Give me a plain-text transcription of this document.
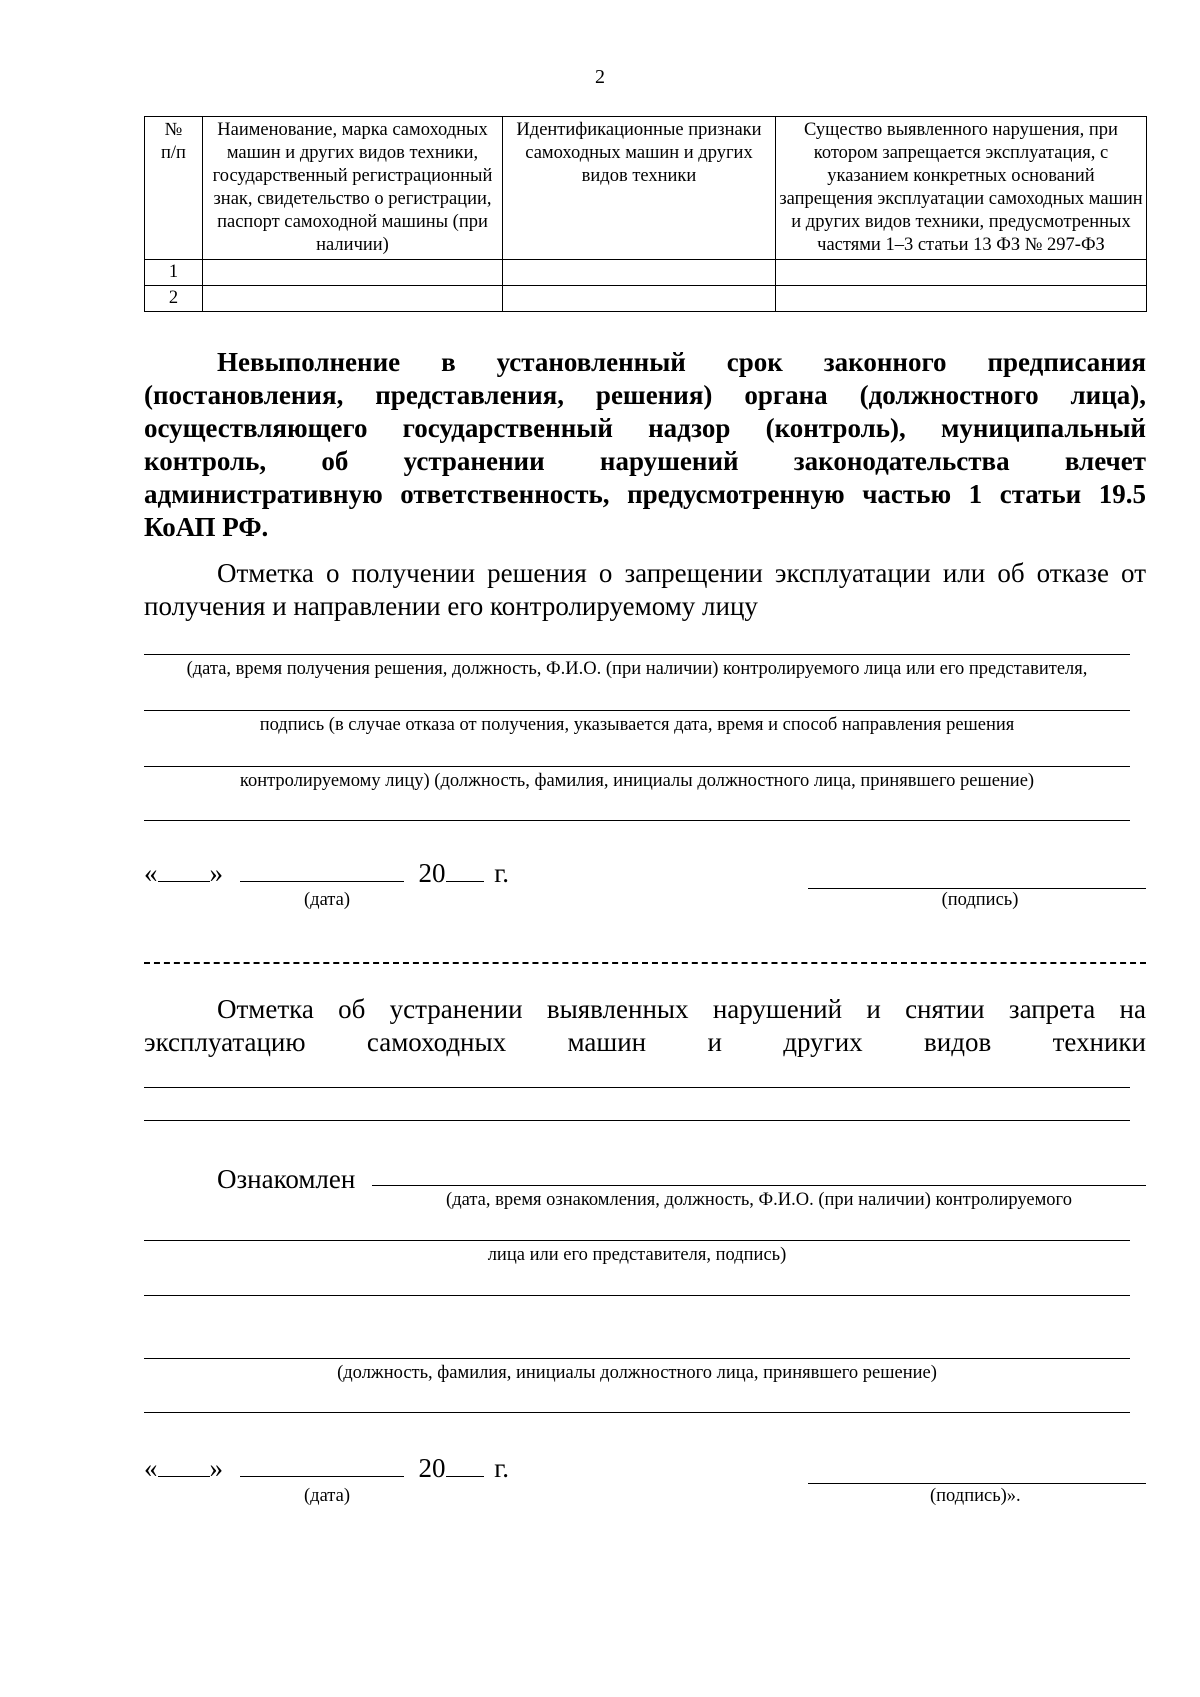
2
№
п/п	Наименование, марка самоходных машин и других видов техники, государственный регистрационный знак, свидетельство о регистрации, паспорт самоходной машины (при наличии)	Идентификационные признаки самоходных машин и других видов техники	Существо выявленного нарушения, при котором запрещается эксплуатация, с указанием конкретных оснований запрещения эксплуатации самоходных машин и других видов техники, предусмотренных частями 1–3 статьи 13 ФЗ № 297-ФЗ
1			
2			
Невыполнение в установленный срок законного предписания (постановления, представления, решения) органа (должностного лица), осуществляющего государственный надзор (контроль), муниципальный контроль, об устранении нарушений законодательства влечет административную ответственность, предусмотренную частью 1 статьи 19.5 КоАП РФ.
Отметка о получении решения о запрещении эксплуатации или об отказе от получения и направлении его контролируемому лицу
(дата, время получения решения, должность, Ф.И.О. (при наличии) контролируемого лица или его представителя,
подпись (в случае отказа от получения, указывается дата, время и способ направления решения
контролируемому лицу) (должность, фамилия, инициалы должностного лица, принявшего решение)
« »	20 г.
(дата)	(подпись)
Отметка об устранении выявленных нарушений и снятии запрета на эксплуатацию самоходных машин и других видов техники
Ознакомлен
(дата, время ознакомления, должность, Ф.И.О. (при наличии) контролируемого
лица или его представителя, подпись)
(должность, фамилия, инициалы должностного лица, принявшего решение)
« »	20 г.
(дата)	(подпись)».
